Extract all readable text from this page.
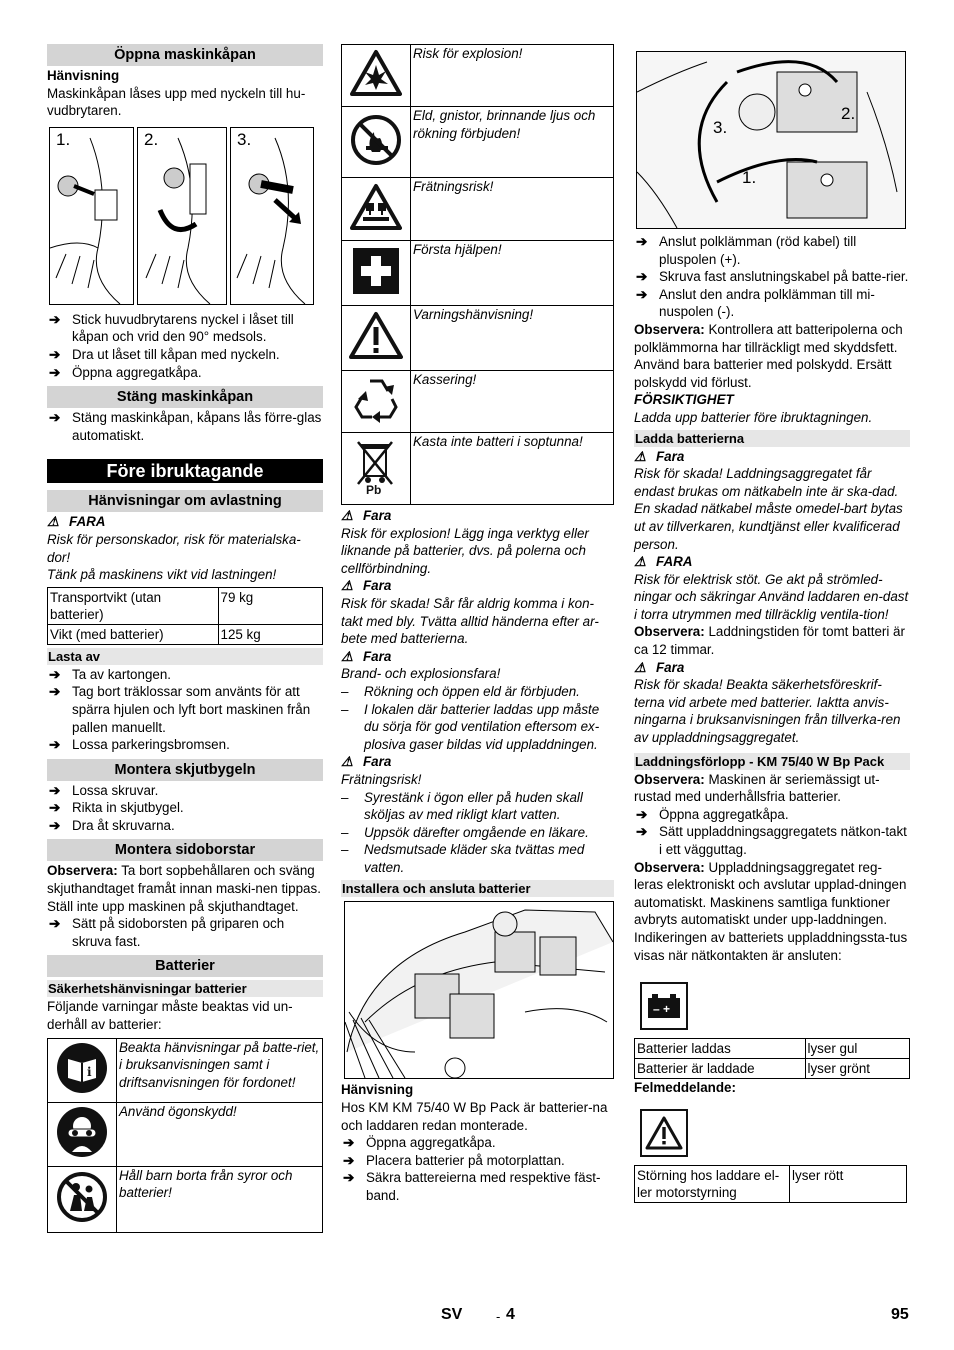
Öppna maskinkåpan

Hänvisning

Maskinkåpan låses upp med nyckeln till hu-vudbrytaren.

1.	2.	3.
➔ Stick huvudbrytarens nyckel i låset till kåpan och vrid den 90° medsols.
➔ Dra ut låset till kåpan med nyckeln.
➔ Öppna aggregatkåpa.
Stäng maskinkåpan
➔ Stäng maskinkåpan, kåpans lås förre-glas automatiskt.
Före ibruktagande
Hänvisningar om avlastning
⚠ FARA

Risk för personskador, risk för materialska-dor!

Tänk på maskinens vikt vid lastningen!

Transportvikt (utan batterier)	79 kg
Vikt (med batterier)	125 kg
Lasta av
➔ Ta av kartongen.
➔ Tag bort träklossar som använts för att spärra hjulen och lyft bort maskinen från pallen manuellt.
➔ Lossa parkeringsbromsen.
Montera skjutbygeln
➔ Lossa skruvar.
➔ Rikta in skjutbygel.
➔ Dra åt skruvarna.
Montera sidoborstar

Observera: Ta bort sopbehållaren och sväng skjuthandtaget framåt innan maski-nen tippas. Ställ inte upp maskinen på skjuthandtaget.

➔ Sätt på sidoborsten på griparen och skruva fast.
Batterier
Säkerhetshänvisningar batterier

Följande varningar måste beaktas vid un-derhåll av batterier:

i	Beakta hänvisningar på batte-riet, i bruksanvisningen samt i driftsanvisningen för fordonet!
	Använd ögonskydd!
	Håll barn borta från syror och batterier!
	Risk för explosion!
	Eld, gnistor, brinnande ljus och rökning förbjuden!
	Frätningsrisk!
	Första hjälpen!
	Varningshänvisning!
	Kassering!

Pb	Kasta inte batteri i soptunna!
⚠ Fara

Risk för explosion! Lägg inga verktyg eller liknande på batterier, dvs. på polerna och cellförbindning.

⚠ Fara

Risk för skada! Sår får aldrig komma i kon-takt med bly. Tvätta alltid händerna efter ar-bete med batterierna.

⚠ Fara

Brand- och explosionsfara!

–	Rökning och öppen eld är förbjuden.
–	I lokalen där batterier laddas upp måste du sörja för god ventilation eftersom ex-plosiva gaser bildas vid uppladdningen.
⚠ Fara

Frätningsrisk!

–	Syrestänk i ögon eller på huden skall sköljas av med rikligt klart vatten.
–	Uppsök därefter omgående en läkare.
–	Nedsmutsade kläder ska tvättas med vatten.
Installera och ansluta batterier

Hänvisning

Hos KM KM 75/40 W Bp Pack är batterier-na och laddaren redan monterade.

➔ Öppna aggregatkåpa.
➔ Placera batterier på motorplattan.
➔ Säkra battereierna med respektive fäst-band.
3.
2.
1.
➔ Anslut polklämman (röd kabel) till pluspolen (+).
➔ Skruva fast anslutningskabel på batte-rier.
➔ Anslut den andra polklämman till mi-nuspolen (-).

Observera: Kontrollera att batteripolerna och polklämmorna har tillräckligt med skyddsfett.

Använd bara batterier med polskydd. Ersätt polskydd vid förlust.

FÖRSIKTIGHET

Ladda upp batterier före ibruktagningen.

Ladda batterierna
⚠ Fara

Risk för skada! Laddningsaggregatet får endast brukas om nätkabeln inte är ska-dad. En skadad nätkabel måste omedel-bart bytas ut av tillverkaren, kundtjänst eller kvalificerad person.

⚠ FARA

Risk för elektrisk stöt. Ge akt på strömled-ningar och säkringar Använd laddaren en-dast i torra utrymmen med tillräcklig ventila-tion!

Observera: Laddningstiden för tomt batteri är ca 12 timmar.

⚠ Fara

Risk för skada! Beakta säkerhetsföreskrif-terna vid arbete med batterier. Iaktta anvis-ningarna i bruksanvisningen från tillverka-ren av uppladdningsaggregatet.

Laddningsförlopp - KM 75/40 W Bp Pack

Observera: Maskinen är seriemässigt ut-rustad med underhållsfria batterier.

➔ Öppna aggregatkåpa.
➔ Sätt uppladdningsaggregatets nätkon-takt i ett vägguttag.

Observera: Uppladdningsaggregatet reg-leras elektroniskt och avslutar upplad-dningen automatiskt. Maskinens samtliga funktioner avbryts automatiskt under upp-laddningen.

Indikeringen av batteriets uppladdningssta-tus visas när nätkontakten är ansluten:

– +
Batterier laddas	lyser gul
Batterier är laddade	lyser grönt

Felmeddelande:

Störning hos laddare el-ler motorstyrning	lyser rött
SV	- 4	95
